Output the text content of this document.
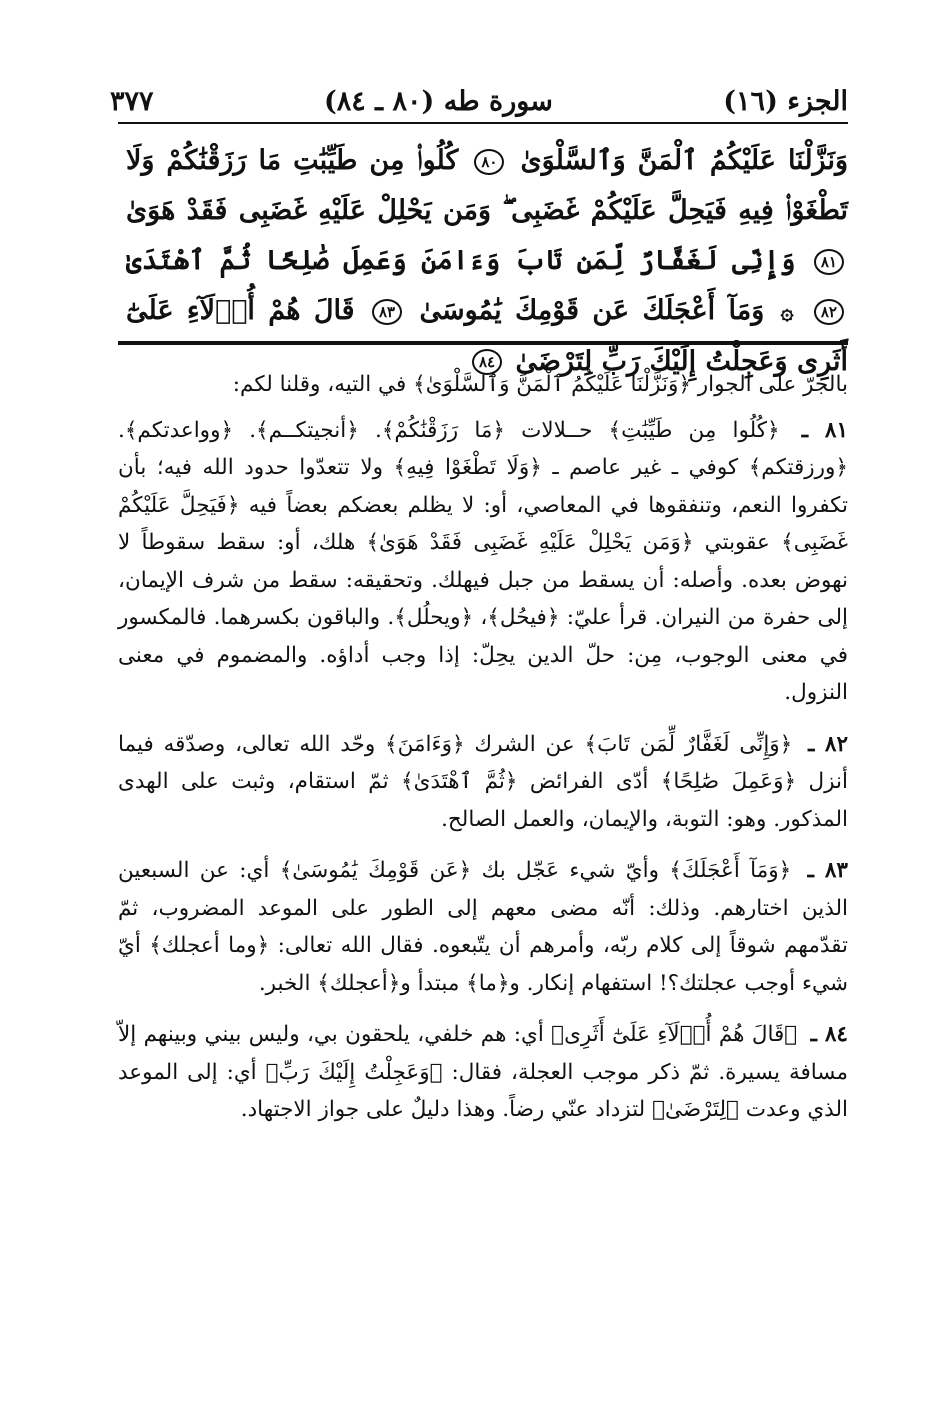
الجزء (١٦)
سورة طه (٨٠ ـ ٨٤)
٣٧٧
وَنَزَّلْنَا عَلَيْكُمُ ٱلْمَنَّ وَٱلسَّلْوَىٰ ٨٠ كُلُوا۟ مِن طَيِّبَٰتِ مَا رَزَقْنَٰكُمْ وَلَا تَطْغَوْا۟ فِيهِ فَيَحِلَّ عَلَيْكُمْ غَضَبِى ۖ وَمَن يَحْلِلْ عَلَيْهِ غَضَبِى فَقَدْ هَوَىٰ ٨١ وَإِنِّى لَغَفَّارٌ لِّمَن تَابَ وَءَامَنَ وَعَمِلَ صَٰلِحًا ثُمَّ ٱهْتَدَىٰ ٨٢ ۞ وَمَآ أَعْجَلَكَ عَن قَوْمِكَ يَٰمُوسَىٰ ٨٣ قَالَ هُمْ أُو۟لَآءِ عَلَىٰٓ أَثَرِى وَعَجِلْتُ إِلَيْكَ رَبِّ لِتَرْضَىٰ ٨٤

بالجرّ على الجوار ﴿وَنَزَّلْنَا عَلَيْكُمُ ٱلْمَنَّ وَٱلسَّلْوَىٰ﴾ في التيه، وقلنا لكم:

٨١ ـ ﴿كُلُوا مِن طَيِّبَٰتِ﴾ حــلالات ﴿مَا رَزَقْنَٰكُمْ﴾. ﴿أنجيتكــم﴾. ﴿وواعدتكم﴾. ﴿ورزقتكم﴾ كوفي ـ غير عاصم ـ ﴿وَلَا تَطْغَوْا فِيهِ﴾ ولا تتعدّوا حدود الله فيه؛ بأن تكفروا النعم، وتنفقوها في المعاصي، أو: لا يظلم بعضكم بعضاً فيه ﴿فَيَحِلَّ عَلَيْكُمْ غَضَبِى﴾ عقوبتي ﴿وَمَن يَحْلِلْ عَلَيْهِ غَضَبِى فَقَدْ هَوَىٰ﴾ هلك، أو: سقط سقوطاً لا نهوض بعده. وأصله: أن يسقط من جبل فيهلك. وتحقيقه: سقط من شرف الإيمان، إلى حفرة من النيران. قرأ عليّ: ﴿فيحُل﴾، ﴿ويحلُل﴾. والباقون بكسرهما. فالمكسور في معنى الوجوب، مِن: حلّ الدين يحِلّ: إذا وجب أداؤه. والمضموم في معنى النزول.

٨٢ ـ ﴿وَإِنِّى لَغَفَّارٌ لِّمَن تَابَ﴾ عن الشرك ﴿وَءَامَنَ﴾ وحّد الله تعالى، وصدّقه فيما أنزل ﴿وَعَمِلَ صَٰلِحًا﴾ أدّى الفرائض ﴿ثُمَّ ٱهْتَدَىٰ﴾ ثمّ استقام، وثبت على الهدى المذكور. وهو: التوبة، والإيمان، والعمل الصالح.

٨٣ ـ ﴿وَمَآ أَعْجَلَكَ﴾ وأيّ شيء عَجّل بك ﴿عَن قَوْمِكَ يَٰمُوسَىٰ﴾ أي: عن السبعين الذين اختارهم. وذلك: أنّه مضى معهم إلى الطور على الموعد المضروب، ثمّ تقدّمهم شوقاً إلى كلام ربّه، وأمرهم أن يتّبعوه. فقال الله تعالى: ﴿وما أعجلك﴾ أيّ شيء أوجب عجلتك؟! استفهام إنكار. و﴿ما﴾ مبتدأ و﴿أعجلك﴾ الخبر.

٨٤ ـ ﴿قَالَ هُمْ أُو۟لَآءِ عَلَىٰٓ أَثَرِى﴾ أي: هم خلفي، يلحقون بي، وليس بيني وبينهم إلاّ مسافة يسيرة. ثمّ ذكر موجب العجلة، فقال: ﴿وَعَجِلْتُ إِلَيْكَ رَبِّ﴾ أي: إلى الموعد الذي وعدت ﴿لِتَرْضَىٰ﴾ لتزداد عنّي رضاً. وهذا دليلٌ على جواز الاجتهاد.
